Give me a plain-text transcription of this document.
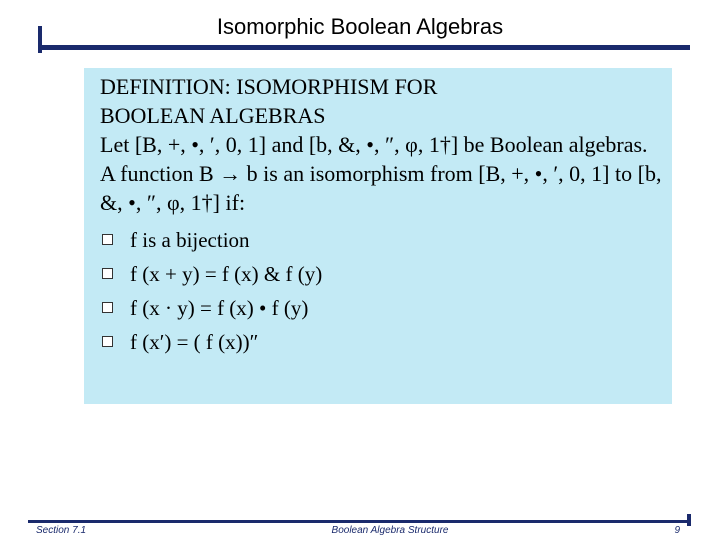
Isomorphic Boolean Algebras
DEFINITION: ISOMORPHISM FOR
BOOLEAN ALGEBRAS

Let [B, +, •, ′, 0, 1] and [b, &, •, ″, φ, 1†] be Boolean algebras. A function B → b is an isomorphism from [B, +, •, ′, 0, 1] to [b, &, •, ″, φ, 1†] if:

f is a bijection
f (x + y) = f (x) & f (y)
f (x · y) = f (x) • f (y)
f (x′) = ( f (x))″
Section 7.1	Boolean Algebra Structure	9
